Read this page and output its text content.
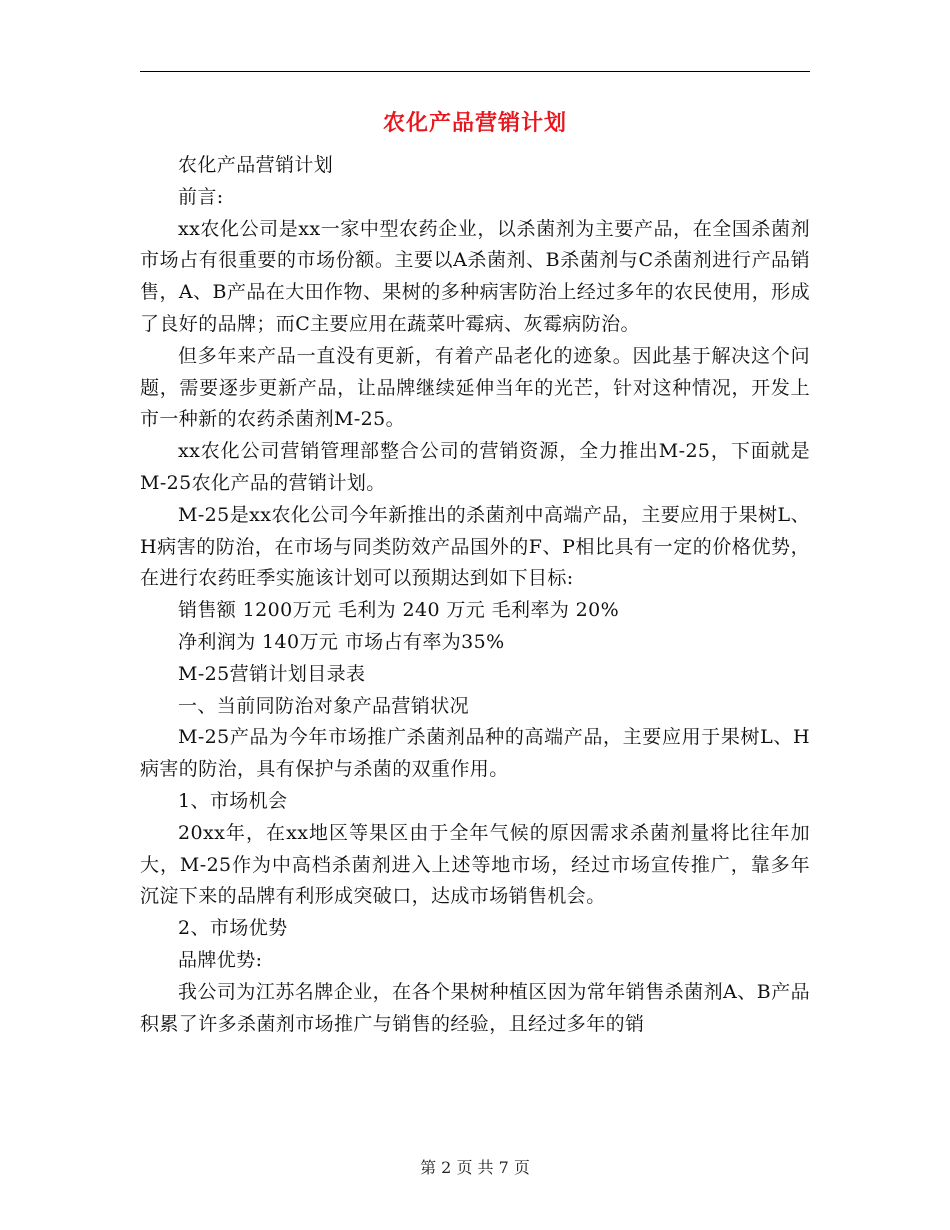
农化产品营销计划

农化产品营销计划

前言:

xx农化公司是xx一家中型农药企业，以杀菌剂为主要产品，在全国杀菌剂市场占有很重要的市场份额。主要以A杀菌剂、B杀菌剂与C杀菌剂进行产品销售，A、B产品在大田作物、果树的多种病害防治上经过多年的农民使用，形成了良好的品牌；而C主要应用在蔬菜叶霉病、灰霉病防治。

但多年来产品一直没有更新，有着产品老化的迹象。因此基于解决这个问题，需要逐步更新产品，让品牌继续延伸当年的光芒，针对这种情况，开发上市一种新的农药杀菌剂M-25。

xx农化公司营销管理部整合公司的营销资源，全力推出M-25，下面就是M-25农化产品的营销计划。

M-25是xx农化公司今年新推出的杀菌剂中高端产品，主要应用于果树L、H病害的防治，在市场与同类防效产品国外的F、P相比具有一定的价格优势，在进行农药旺季实施该计划可以预期达到如下目标:

销售额 1200万元 毛利为 240 万元 毛利率为 20%

净利润为 140万元 市场占有率为35%

M-25营销计划目录表

一、当前同防治对象产品营销状况

M-25产品为今年市场推广杀菌剂品种的高端产品，主要应用于果树L、H病害的防治，具有保护与杀菌的双重作用。

1、市场机会

20xx年，在xx地区等果区由于全年气候的原因需求杀菌剂量将比往年加大，M-25作为中高档杀菌剂进入上述等地市场，经过市场宣传推广，靠多年沉淀下来的品牌有利形成突破口，达成市场销售机会。

2、市场优势

品牌优势:

我公司为江苏名牌企业，在各个果树种植区因为常年销售杀菌剂A、B产品积累了许多杀菌剂市场推广与销售的经验，且经过多年的销

第 2 页 共 7 页
